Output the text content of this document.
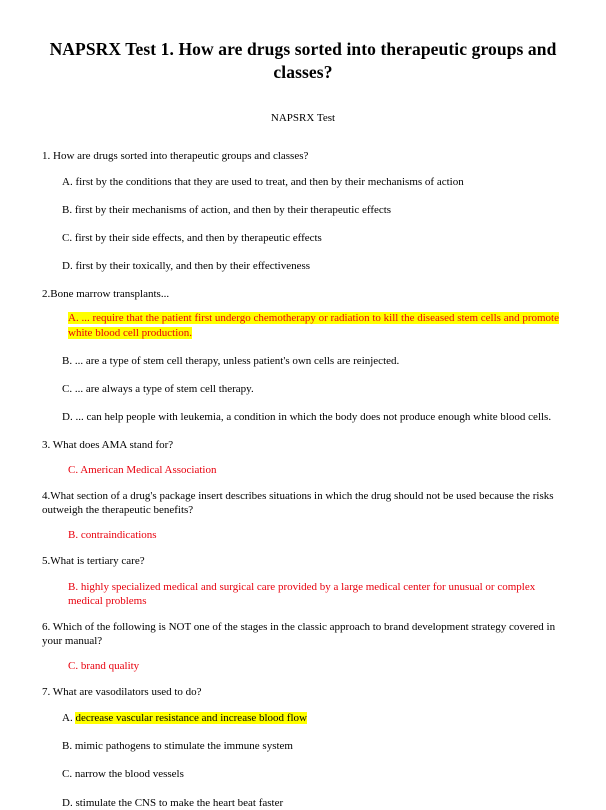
NAPSRX Test 1. How are drugs sorted into therapeutic groups and classes?
NAPSRX Test

1. How are drugs sorted into therapeutic groups and classes?

A. first by the conditions that they are used to treat, and then by their mechanisms of action

B. first by their mechanisms of action, and then by their therapeutic effects

C. first by their side effects, and then by therapeutic effects

D. first by their toxically, and then by their effectiveness

2.Bone marrow transplants...

A. ... require that the patient first undergo chemotherapy or radiation to kill the diseased stem cells and promote white blood cell production.

B. ... are a type of stem cell therapy, unless patient's own cells are reinjected.

C. ... are always a type of stem cell therapy.

D. ... can help people with leukemia, a condition in which the body does not produce enough white blood cells.

3. What does AMA stand for?

C. American Medical Association

4.What section of a drug's package insert describes situations in which the drug should not be used because the risks outweigh the therapeutic benefits?

B. contraindications

5.What is tertiary care?

B. highly specialized medical and surgical care provided by a large medical center for unusual or complex medical problems

6. Which of the following is NOT one of the stages in the classic approach to brand development strategy covered in your manual?

C. brand quality

7. What are vasodilators used to do?

A. decrease vascular resistance and increase blood flow

B. mimic pathogens to stimulate the immune system

C. narrow the blood vessels

D. stimulate the CNS to make the heart beat faster
